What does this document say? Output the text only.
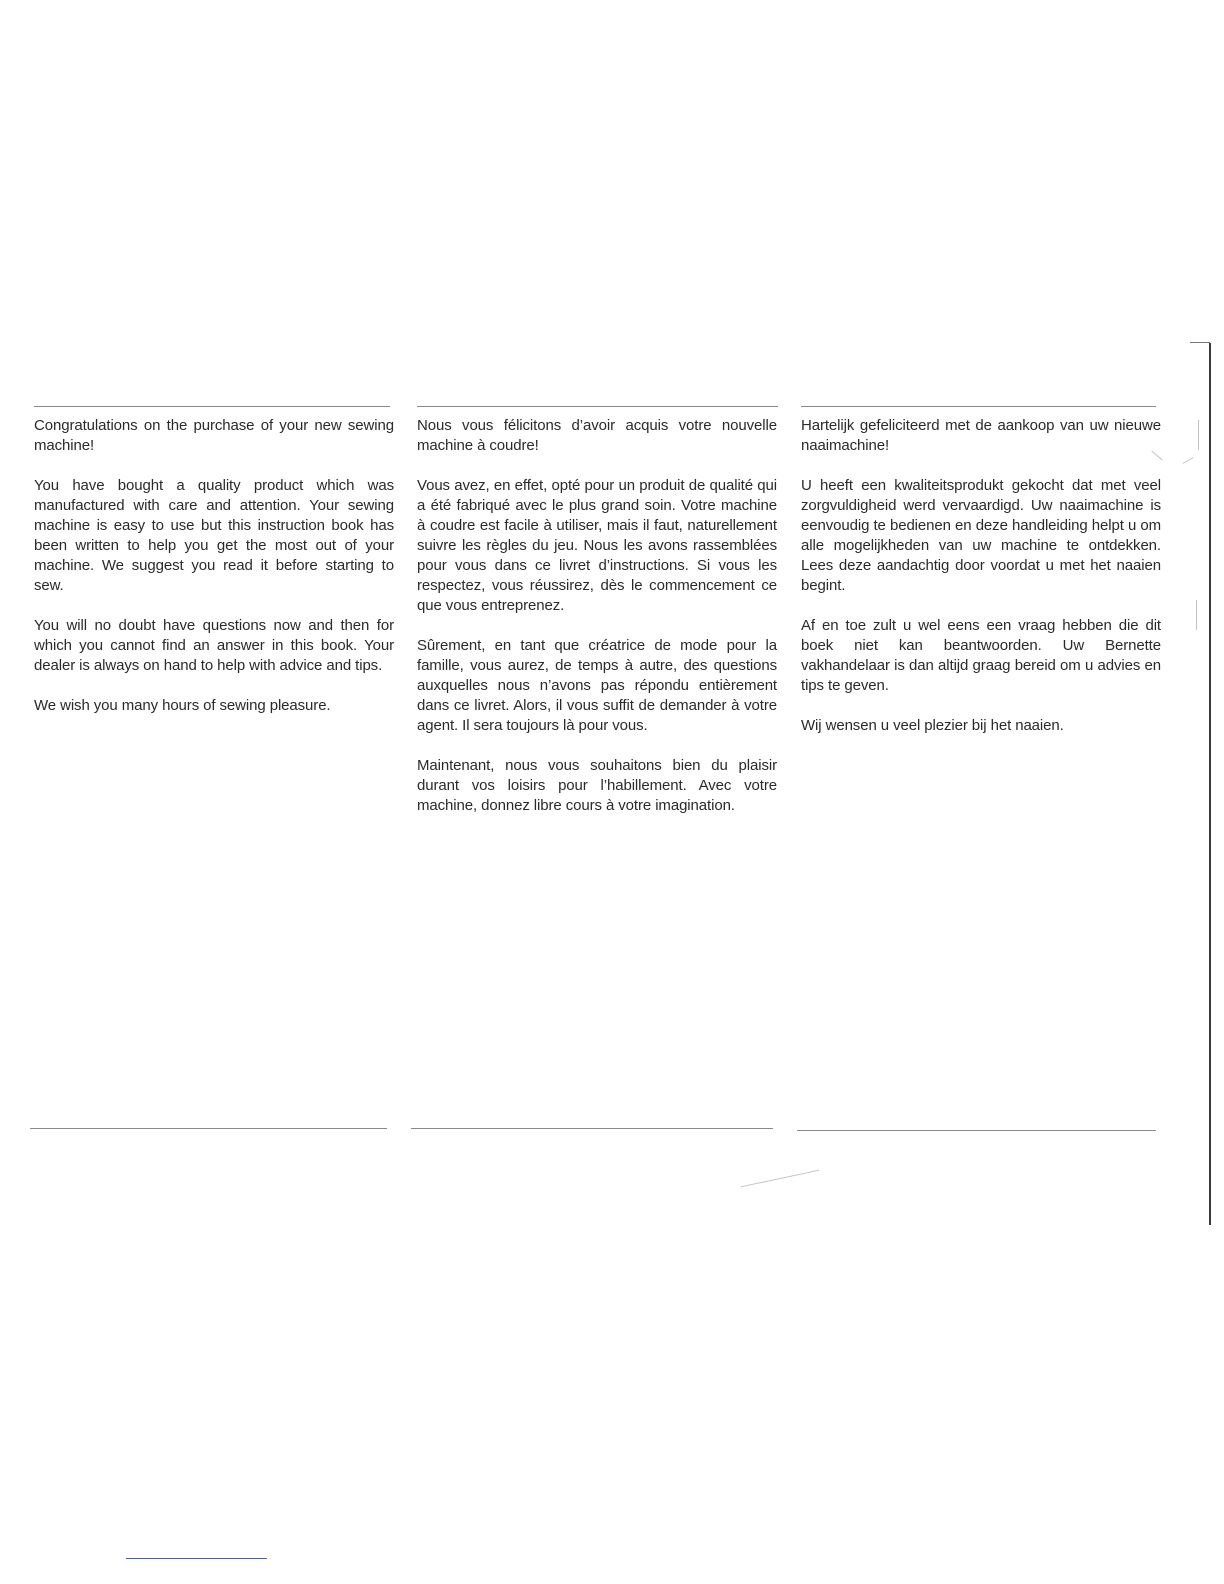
Congratulations on the purchase of your new sewing machine!

You have bought a quality product which was manufactured with care and attention. Your sewing machine is easy to use but this instruction book has been written to help you get the most out of your machine. We suggest you read it before starting to sew.

You will no doubt have questions now and then for which you cannot find an answer in this book. Your dealer is always on hand to help with advice and tips.

We wish you many hours of sewing pleasure.

Nous vous félicitons d’avoir acquis votre nouvelle machine à coudre!

Vous avez, en effet, opté pour un produit de qualité qui a été fabriqué avec le plus grand soin. Votre machine à coudre est facile à utiliser, mais il faut, naturellement suivre les règles du jeu. Nous les avons rassemblées pour vous dans ce livret d’instructions. Si vous les respectez, vous réussirez, dès le commencement ce que vous entreprenez.

Sûrement, en tant que créatrice de mode pour la famille, vous aurez, de temps à autre, des questions auxquelles nous n’avons pas répondu entièrement dans ce livret. Alors, il vous suffit de demander à votre agent. Il sera toujours là pour vous.

Maintenant, nous vous souhaitons bien du plaisir durant vos loisirs pour l’habillement. Avec votre machine, donnez libre cours à votre imagination.

Hartelijk gefeliciteerd met de aankoop van uw nieuwe naaimachine!

U heeft een kwaliteitsprodukt gekocht dat met veel zorgvuldigheid werd vervaardigd. Uw naaimachine is eenvoudig te bedienen en deze handleiding helpt u om alle mogelijkheden van uw machine te ontdekken. Lees deze aandachtig door voordat u met het naaien begint.

Af en toe zult u wel eens een vraag hebben die dit boek niet kan beantwoorden. Uw Bernette vakhandelaar is dan altijd graag bereid om u advies en tips te geven.

Wij wensen u veel plezier bij het naaien.
